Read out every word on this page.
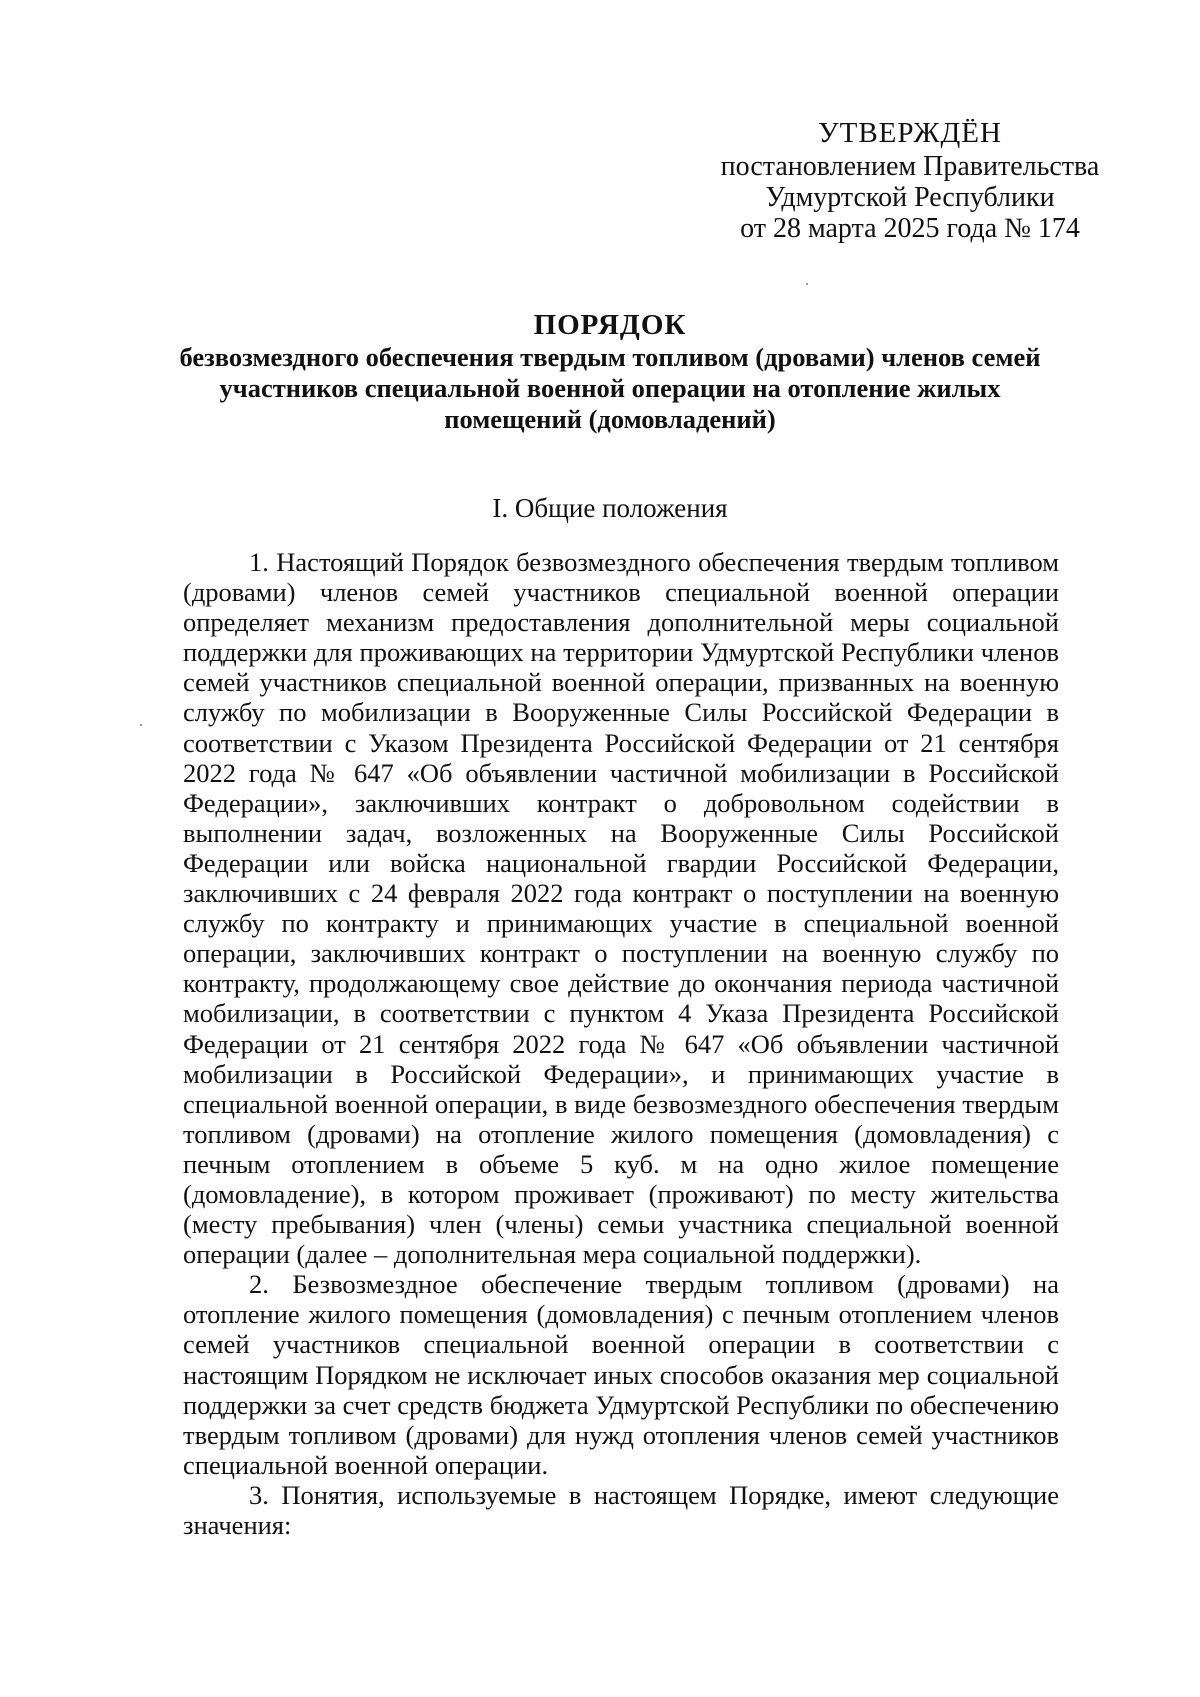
УТВЕРЖДЁН
постановлением Правительства
Удмуртской Республики
от 28 марта 2025 года № 174
ПОРЯДОК
безвозмездного обеспечения твердым топливом (дровами) членов семей участников специальной военной операции на отопление жилых помещений (домовладений)
I. Общие положения

1. Настоящий Порядок безвозмездного обеспечения твердым топливом (дровами) членов семей участников специальной военной операции определяет механизм предоставления дополнительной меры социальной поддержки для проживающих на территории Удмуртской Республики членов семей участников специальной военной операции, призванных на военную службу по мобилизации в Вооруженные Силы Российской Федерации в соответствии с Указом Президента Российской Федерации от 21 сентября 2022 года № 647 «Об объявлении частичной мобилизации в Российской Федерации», заключивших контракт о добровольном содействии в выполнении задач, возложенных на Вооруженные Силы Российской Федерации или войска национальной гвардии Российской Федерации, заключивших с 24 февраля 2022 года контракт о поступлении на военную службу по контракту и принимающих участие в специальной военной операции, заключивших контракт о поступлении на военную службу по контракту, продолжающему свое действие до окончания периода частичной мобилизации, в соответствии с пунктом 4 Указа Президента Российской Федерации от 21 сентября 2022 года № 647 «Об объявлении частичной мобилизации в Российской Федерации», и принимающих участие в специальной военной операции, в виде безвозмездного обеспечения твердым топливом (дровами) на отопление жилого помещения (домовладения) с печным отоплением в объеме 5 куб. м на одно жилое помещение (домовладение), в котором проживает (проживают) по месту жительства (месту пребывания) член (члены) семьи участника специальной военной операции (далее – дополнительная мера социальной поддержки).

2. Безвозмездное обеспечение твердым топливом (дровами) на отопление жилого помещения (домовладения) с печным отоплением членов семей участников специальной военной операции в соответствии с настоящим Порядком не исключает иных способов оказания мер социальной поддержки за счет средств бюджета Удмуртской Республики по обеспечению твердым топливом (дровами) для нужд отопления членов семей участников специальной военной операции.

3. Понятия, используемые в настоящем Порядке, имеют следующие значения:
